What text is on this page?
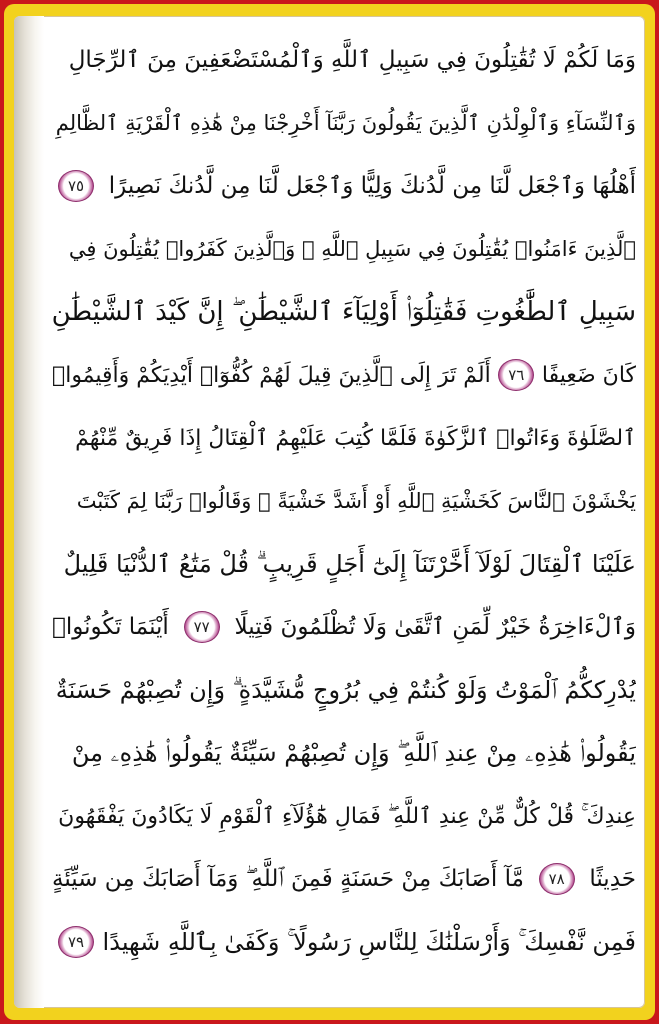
وَمَا لَكُمْ لَا تُقَٰتِلُونَ فِي سَبِيلِ ٱللَّهِ وَٱلْمُسْتَضْعَفِينَ مِنَ ٱلرِّجَالِ
وَٱلنِّسَآءِ وَٱلْوِلْدَٰنِ ٱلَّذِينَ يَقُولُونَ رَبَّنَآ أَخْرِجْنَا مِنْ هَٰذِهِ ٱلْقَرْيَةِ ٱلظَّالِمِ
أَهْلُهَا وَٱجْعَل لَّنَا مِن لَّدُنكَ وَلِيًّا وَٱجْعَل لَّنَا مِن لَّدُنكَ نَصِيرًا
٧٥
ٱلَّذِينَ ءَامَنُوا۟ يُقَٰتِلُونَ فِي سَبِيلِ ٱللَّهِ ۖ وَٱلَّذِينَ كَفَرُوا۟ يُقَٰتِلُونَ فِي
سَبِيلِ ٱلطَّٰغُوتِ فَقَٰتِلُوٓا۟ أَوْلِيَآءَ ٱلشَّيْطَٰنِ ۖ إِنَّ كَيْدَ ٱلشَّيْطَٰنِ
كَانَ ضَعِيفًا
٧٦
أَلَمْ تَرَ إِلَى ٱلَّذِينَ قِيلَ لَهُمْ كُفُّوٓا۟ أَيْدِيَكُمْ وَأَقِيمُوا۟
ٱلصَّلَوٰةَ وَءَاتُوا۟ ٱلزَّكَوٰةَ فَلَمَّا كُتِبَ عَلَيْهِمُ ٱلْقِتَالُ إِذَا فَرِيقٌ مِّنْهُمْ
يَخْشَوْنَ ٱلنَّاسَ كَخَشْيَةِ ٱللَّهِ أَوْ أَشَدَّ خَشْيَةً ۚ وَقَالُوا۟ رَبَّنَا لِمَ كَتَبْتَ
عَلَيْنَا ٱلْقِتَالَ لَوْلَآ أَخَّرْتَنَآ إِلَىٰٓ أَجَلٍ قَرِيبٍ ۗ قُلْ مَتَٰعُ ٱلدُّنْيَا قَلِيلٌ
وَٱلْءَاخِرَةُ خَيْرٌ لِّمَنِ ٱتَّقَىٰ وَلَا تُظْلَمُونَ فَتِيلًا
٧٧
أَيْنَمَا تَكُونُوا۟
يُدْرِككُّمُ ٱلْمَوْتُ وَلَوْ كُنتُمْ فِي بُرُوجٍ مُّشَيَّدَةٍ ۗ وَإِن تُصِبْهُمْ حَسَنَةٌ
يَقُولُوا۟ هَٰذِهِۦ مِنْ عِندِ ٱللَّهِ ۖ وَإِن تُصِبْهُمْ سَيِّئَةٌ يَقُولُوا۟ هَٰذِهِۦ مِنْ
عِندِكَ ۚ قُلْ كُلٌّ مِّنْ عِندِ ٱللَّهِ ۖ فَمَالِ هَٰٓؤُلَآءِ ٱلْقَوْمِ لَا يَكَادُونَ يَفْقَهُونَ
حَدِيثًا
٧٨
مَّآ أَصَابَكَ مِنْ حَسَنَةٍ فَمِنَ ٱللَّهِ ۖ وَمَآ أَصَابَكَ مِن سَيِّئَةٍ
فَمِن نَّفْسِكَ ۚ وَأَرْسَلْنَٰكَ لِلنَّاسِ رَسُولًا ۚ وَكَفَىٰ بِٱللَّهِ شَهِيدًا
٧٩
